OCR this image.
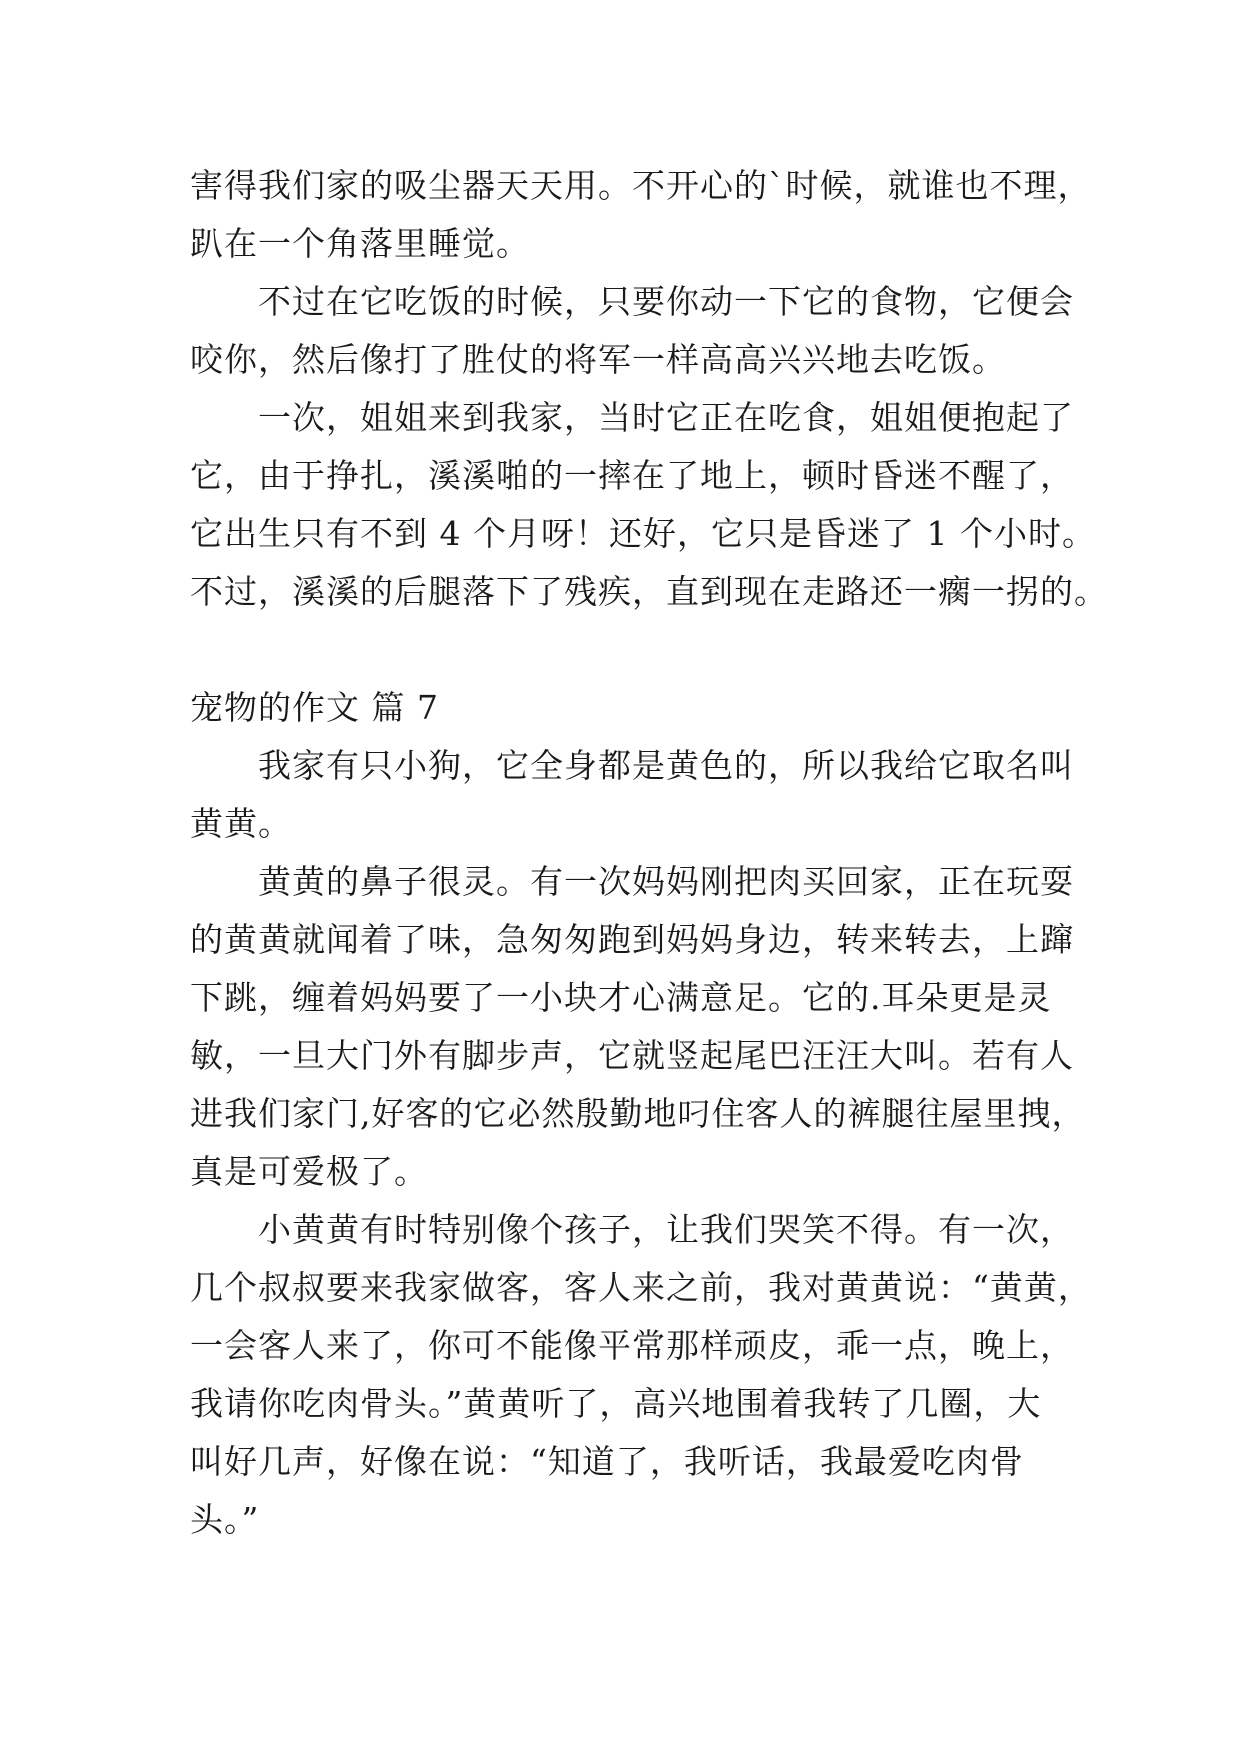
害得我们家的吸尘器天天用。不开心的`时候，就谁也不理，
趴在一个角落里睡觉。
不过在它吃饭的时候，只要你动一下它的食物，它便会
咬你，然后像打了胜仗的将军一样高高兴兴地去吃饭。
一次，姐姐来到我家，当时它正在吃食，姐姐便抱起了
它，由于挣扎，溪溪啪的一摔在了地上，顿时昏迷不醒了，
它出生只有不到 4 个月呀！还好，它只是昏迷了 1 个小时。
不过，溪溪的后腿落下了残疾，直到现在走路还一瘸一拐的。
宠物的作文 篇 7
我家有只小狗，它全身都是黄色的，所以我给它取名叫
黄黄。
黄黄的鼻子很灵。有一次妈妈刚把肉买回家，正在玩耍
的黄黄就闻着了味，急匆匆跑到妈妈身边，转来转去，上蹿
下跳，缠着妈妈要了一小块才心满意足。它的.耳朵更是灵
敏，一旦大门外有脚步声，它就竖起尾巴汪汪大叫。若有人
进我们家门,好客的它必然殷勤地叼住客人的裤腿往屋里拽，
真是可爱极了。
小黄黄有时特别像个孩子，让我们哭笑不得。有一次，
几个叔叔要来我家做客，客人来之前，我对黄黄说：“黄黄，
一会客人来了，你可不能像平常那样顽皮，乖一点，晚上，
我请你吃肉骨头。”黄黄听了，高兴地围着我转了几圈，大
叫好几声，好像在说：“知道了，我听话，我最爱吃肉骨
头。”
